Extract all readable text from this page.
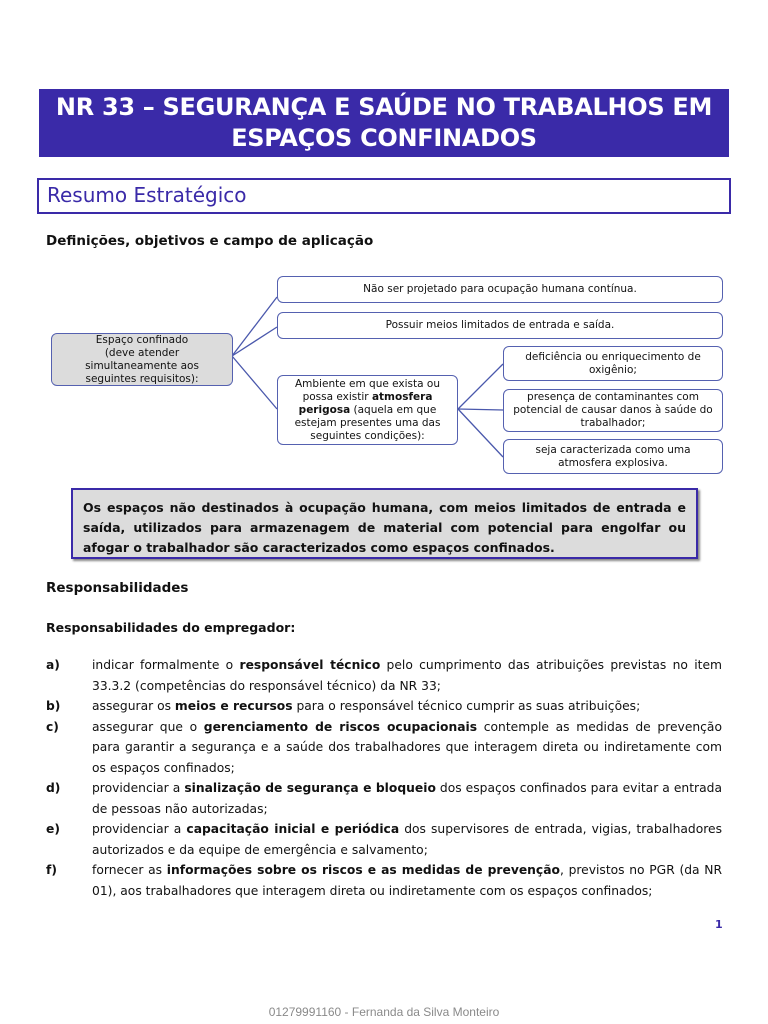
NR 33 – SEGURANÇA E SAÚDE NO TRABALHOS EM
ESPAÇOS CONFINADOS
Resumo Estratégico
Definições, objetivos e campo de aplicação
Espaço confinado
(deve atender simultaneamente aos seguintes requisitos):
Não ser projetado para ocupação humana contínua.
Possuir meios limitados de entrada e saída.
Ambiente em que exista ou possa existir atmosfera perigosa (aquela em que estejam presentes uma das seguintes condições):
deficiência ou enriquecimento de oxigênio;
presença de contaminantes com potencial de causar danos à saúde do trabalhador;
seja caracterizada como uma atmosfera explosiva.
Os espaços não destinados à ocupação humana, com meios limitados de entrada e saída, utilizados para armazenagem de material com potencial para engolfar ou afogar o trabalhador são caracterizados como espaços confinados.
Responsabilidades
Responsabilidades do empregador:
a)	indicar formalmente o responsável técnico pelo cumprimento das atribuições previstas no item 33.3.2 (competências do responsável técnico) da NR 33;
b)	assegurar os meios e recursos para o responsável técnico cumprir as suas atribuições;
c)	assegurar que o gerenciamento de riscos ocupacionais contemple as medidas de prevenção para garantir a segurança e a saúde dos trabalhadores que interagem direta ou indiretamente com os espaços confinados;
d)	providenciar a sinalização de segurança e bloqueio dos espaços confinados para evitar a entrada de pessoas não autorizadas;
e)	providenciar a capacitação inicial e periódica dos supervisores de entrada, vigias, trabalhadores autorizados e da equipe de emergência e salvamento;
f)	fornecer as informações sobre os riscos e as medidas de prevenção, previstos no PGR (da NR 01), aos trabalhadores que interagem direta ou indiretamente com os espaços confinados;
1
01279991160 - Fernanda da Silva Monteiro
